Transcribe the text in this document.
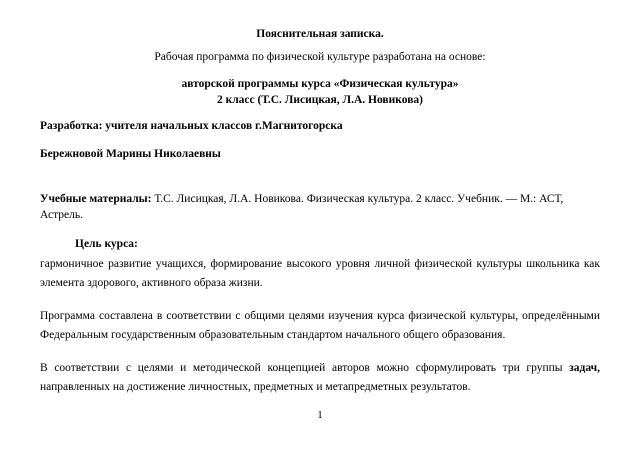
Пояснительная записка.

Рабочая программа по физической культуре разработана на основе:

авторской программы курса «Физическая культура»

2 класс (Т.С. Лисицкая, Л.А. Новикова)

Разработка: учителя начальных классов г.Магнитогорска

Бережновой Марины Николаевны

Учебные материалы: Т.С. Лисицкая, Л.А. Новикова. Физическая культура. 2 класс. Учебник. — М.: АСТ, Астрель.

Цель курса:

гармоничное развитие учащихся, формирование высокого уровня личной физической культуры школьника как элемента здорового, активного образа жизни.

Программа составлена в соответствии с общими целями изучения курса физической культуры, определёнными Федеральным государственным образовательным стандартом начального общего образования.

В соответствии с целями и методической концепцией авторов можно сформулировать три группы задач, направленных на достижение личностных, предметных и метапредметных результатов.

1
